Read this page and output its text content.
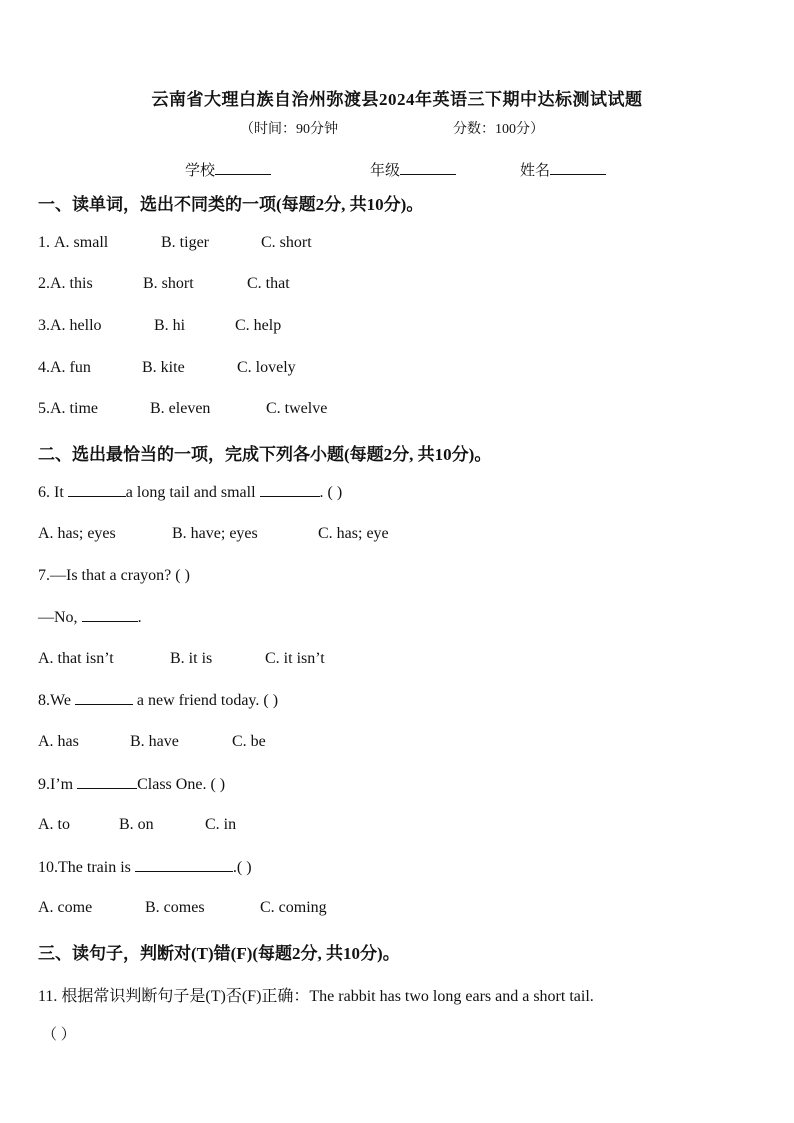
云南省大理白族自治州弥渡县2024年英语三下期中达标测试试题
（时间：90分钟	分数：100分）
学校	年级	姓名
一、读单词，选出不同类的一项(每题2分, 共10分)。
1. A. small	B. tiger	C. short
2.A. this	B. short	C. that
3.A. hello	B. hi	C. help
4.A. fun	B. kite	C. lovely
5.A. time	B. eleven	C. twelve
二、选出最恰当的一项，完成下列各小题(每题2分, 共10分)。
6. It	a long tail and small	. ( )
A. has; eyes	B. have; eyes	C. has; eye
7.—Is that a crayon? ( )
—No,	.
A. that isn’t	B. it is	C. it isn’t
8.We	a new friend today. ( )
A. has	B. have	C. be
9.I’m	Class One. ( )
A. to	B. on	C. in
10.The train is	.( )
A. come	B. comes	C. coming
三、读句子，判断对(T)错(F)(每题2分, 共10分)。
11. 根据常识判断句子是(T)否(F)正确：The rabbit has two long ears and a short tail.
（ ）
